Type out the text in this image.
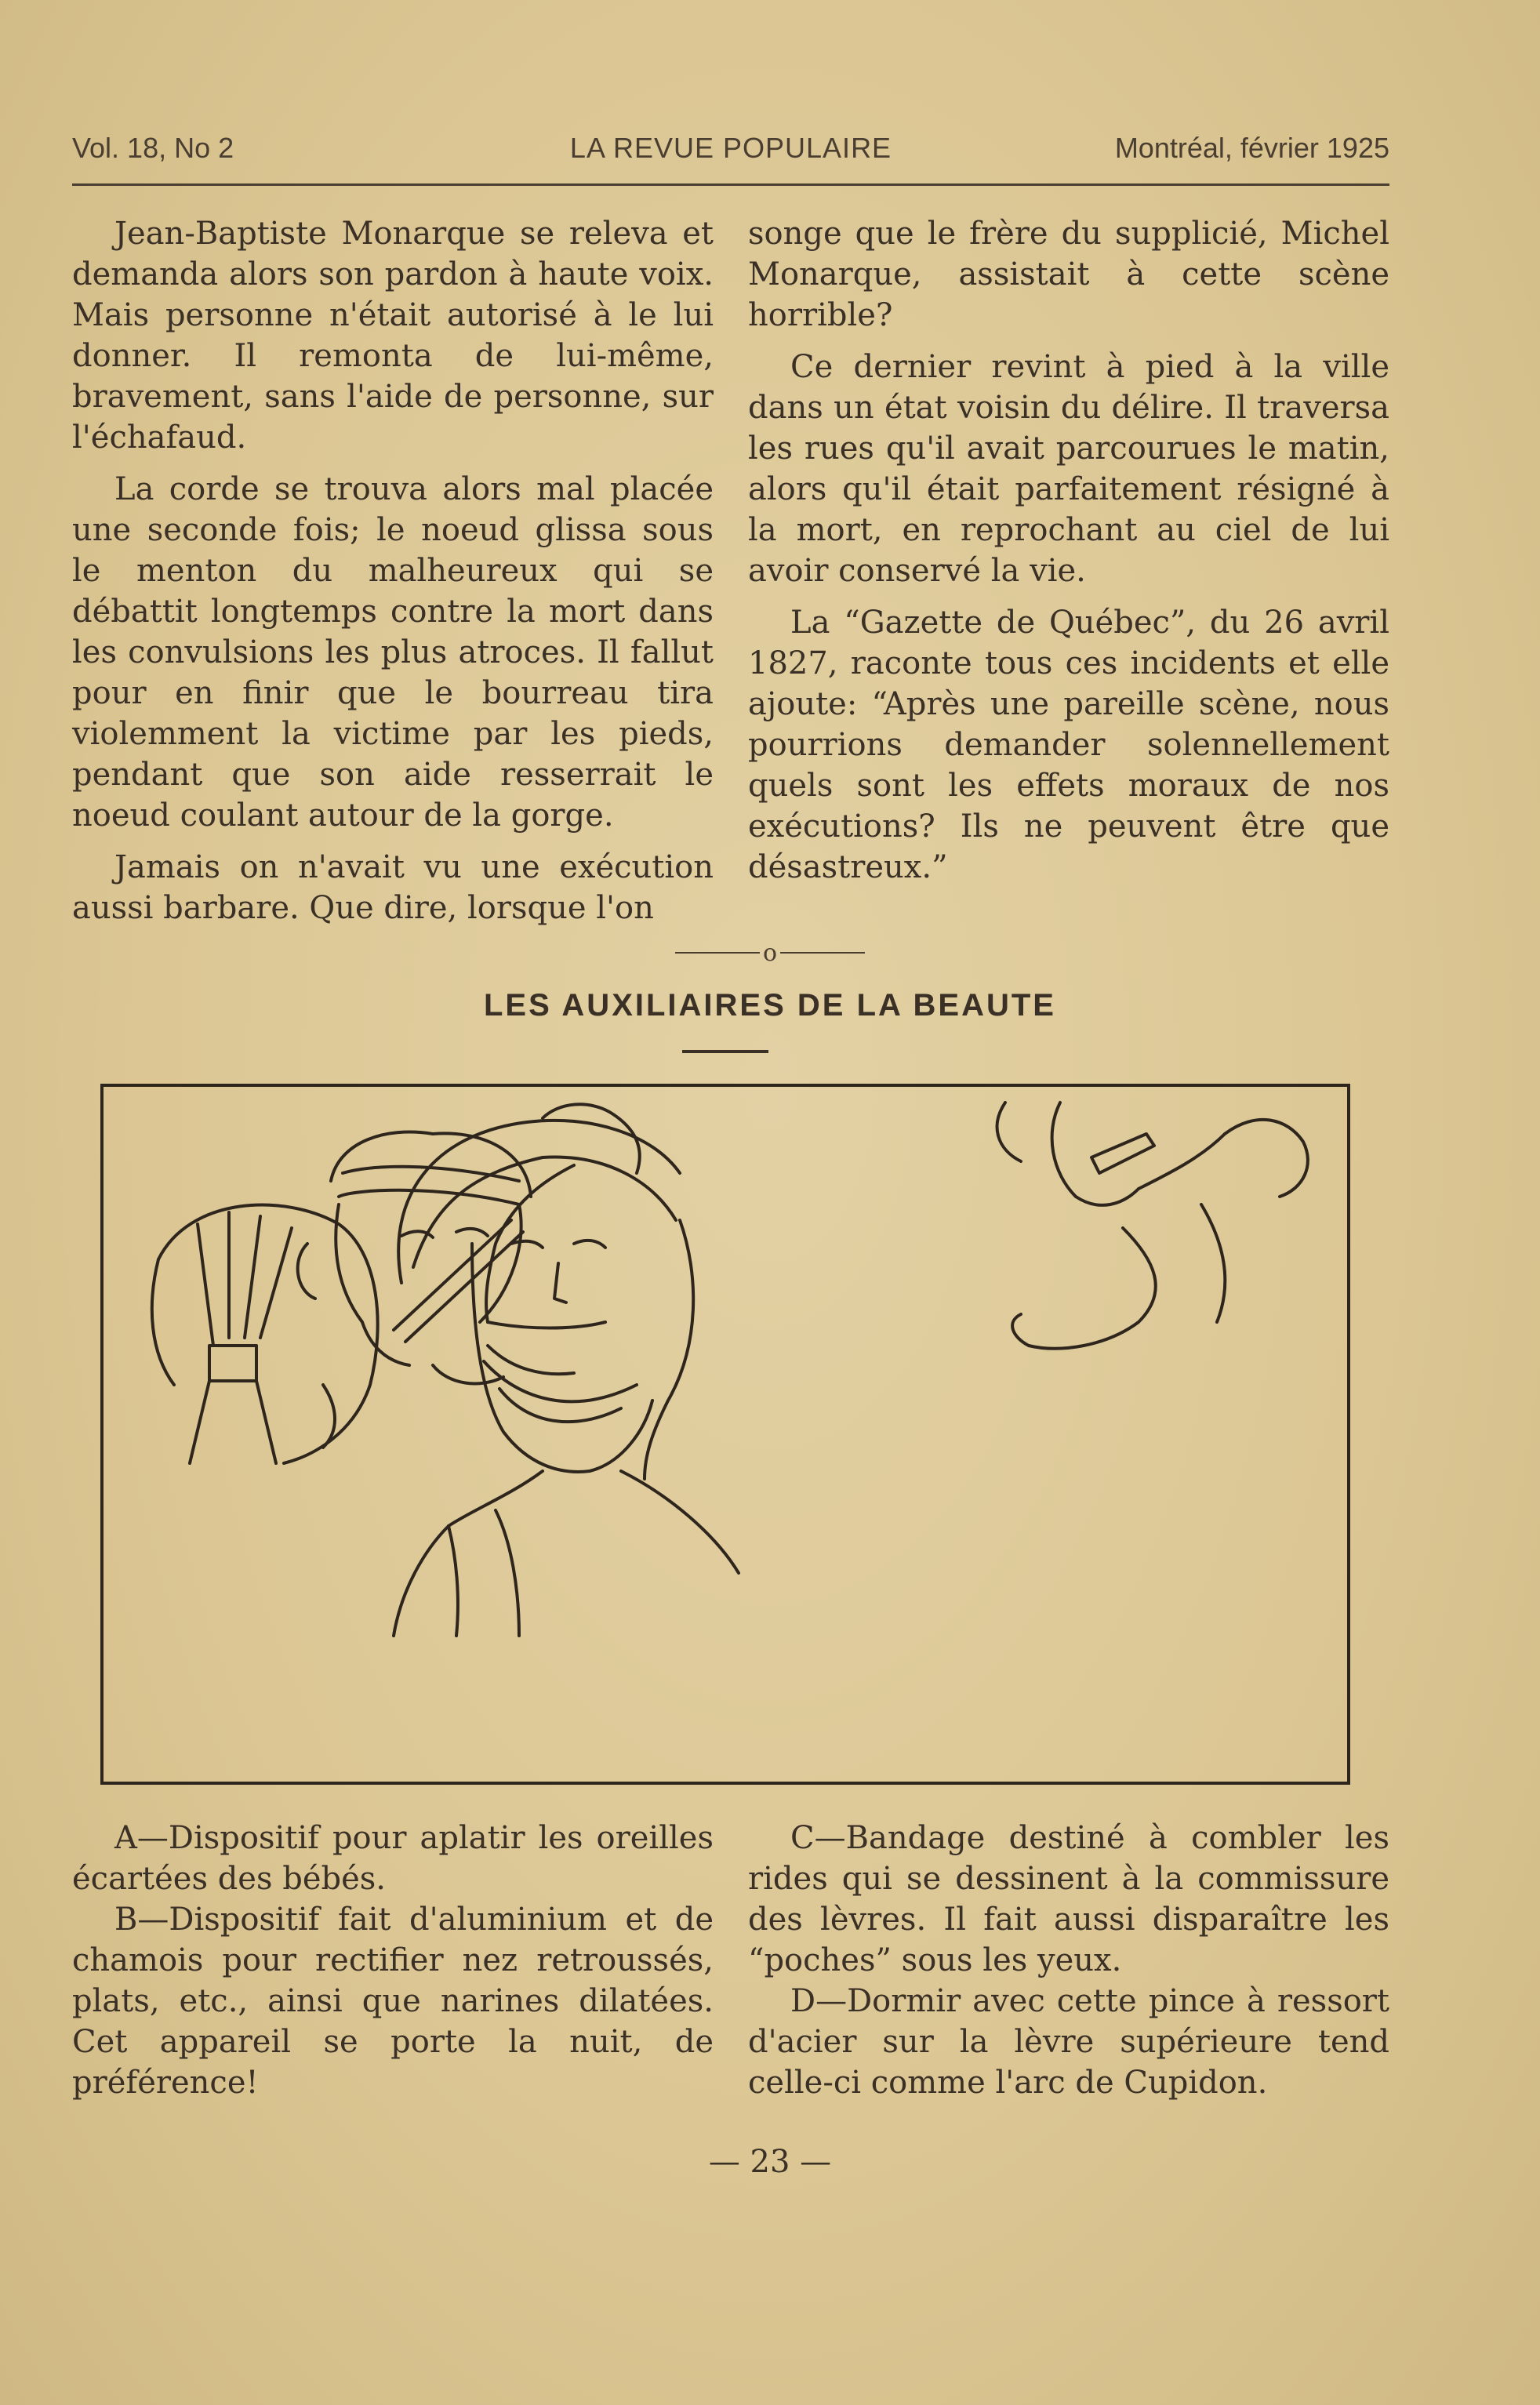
Vol. 18, No 2	LA REVUE POPULAIRE	Montréal, février 1925

Jean-Baptiste Monarque se releva et demanda alors son pardon à haute voix. Mais personne n'était autorisé à le lui donner. Il remonta de lui-même, bravement, sans l'aide de personne, sur l'échafaud.

La corde se trouva alors mal placée une seconde fois; le noeud glissa sous le menton du malheureux qui se débattit longtemps contre la mort dans les convulsions les plus atroces. Il fallut pour en finir que le bourreau tira violemment la victime par les pieds, pendant que son aide resserrait le noeud coulant autour de la gorge.

Jamais on n'avait vu une exécution aussi barbare. Que dire, lorsque l'on

songe que le frère du supplicié, Michel Monarque, assistait à cette scène horrible?

Ce dernier revint à pied à la ville dans un état voisin du délire. Il traversa les rues qu'il avait parcourues le matin, alors qu'il était parfaitement résigné à la mort, en reprochant au ciel de lui avoir conservé la vie.

La “Gazette de Québec”, du 26 avril 1827, raconte tous ces incidents et elle ajoute: “Après une pareille scène, nous pourrions demander solennellement quels sont les effets moraux de nos exécutions? Ils ne peuvent être que désastreux.”

o
LES AUXILIAIRES DE LA BEAUTE

A—Dispositif pour aplatir les oreilles écartées des bébés.

B—Dispositif fait d'aluminium et de chamois pour rectifier nez retroussés, plats, etc., ainsi que narines dilatées. Cet appareil se porte la nuit, de préférence!

C—Bandage destiné à combler les rides qui se dessinent à la commissure des lèvres. Il fait aussi disparaître les “poches” sous les yeux.

D—Dormir avec cette pince à ressort d'acier sur la lèvre supérieure tend celle-ci comme l'arc de Cupidon.

— 23 —
